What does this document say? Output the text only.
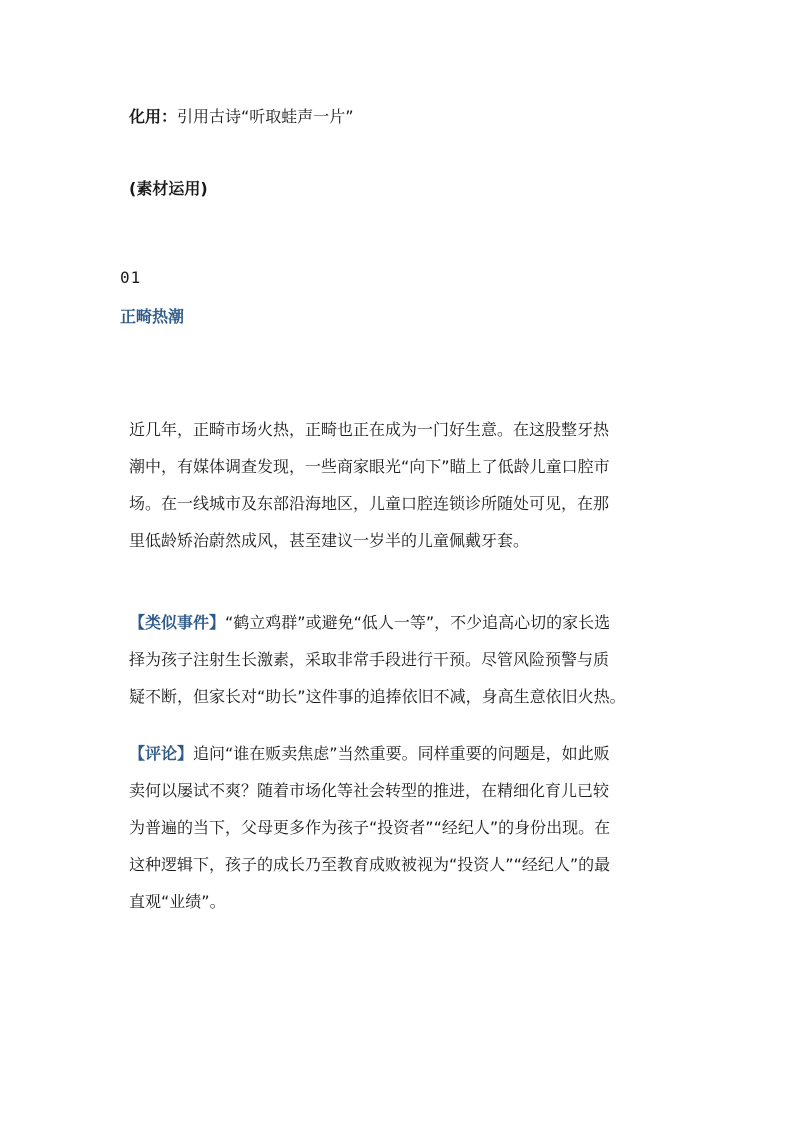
化用：引用古诗“听取蛙声一片”
(素材运用)
01
正畸热潮
近几年，正畸市场火热，正畸也正在成为一门好生意。在这股整牙热
潮中，有媒体调查发现，一些商家眼光“向下”瞄上了低龄儿童口腔市
场。在一线城市及东部沿海地区，儿童口腔连锁诊所随处可见，在那
里低龄矫治蔚然成风，甚至建议一岁半的儿童佩戴牙套。
【类似事件】“鹤立鸡群”或避免“低人一等”，不少追高心切的家长选
择为孩子注射生长激素，采取非常手段进行干预。尽管风险预警与质
疑不断，但家长对“助长”这件事的追捧依旧不减，身高生意依旧火热。
【评论】追问“谁在贩卖焦虑”当然重要。同样重要的问题是，如此贩
卖何以屡试不爽？随着市场化等社会转型的推进，在精细化育儿已较
为普遍的当下，父母更多作为孩子“投资者”“经纪人”的身份出现。在
这种逻辑下，孩子的成长乃至教育成败被视为“投资人”“经纪人”的最
直观“业绩”。
